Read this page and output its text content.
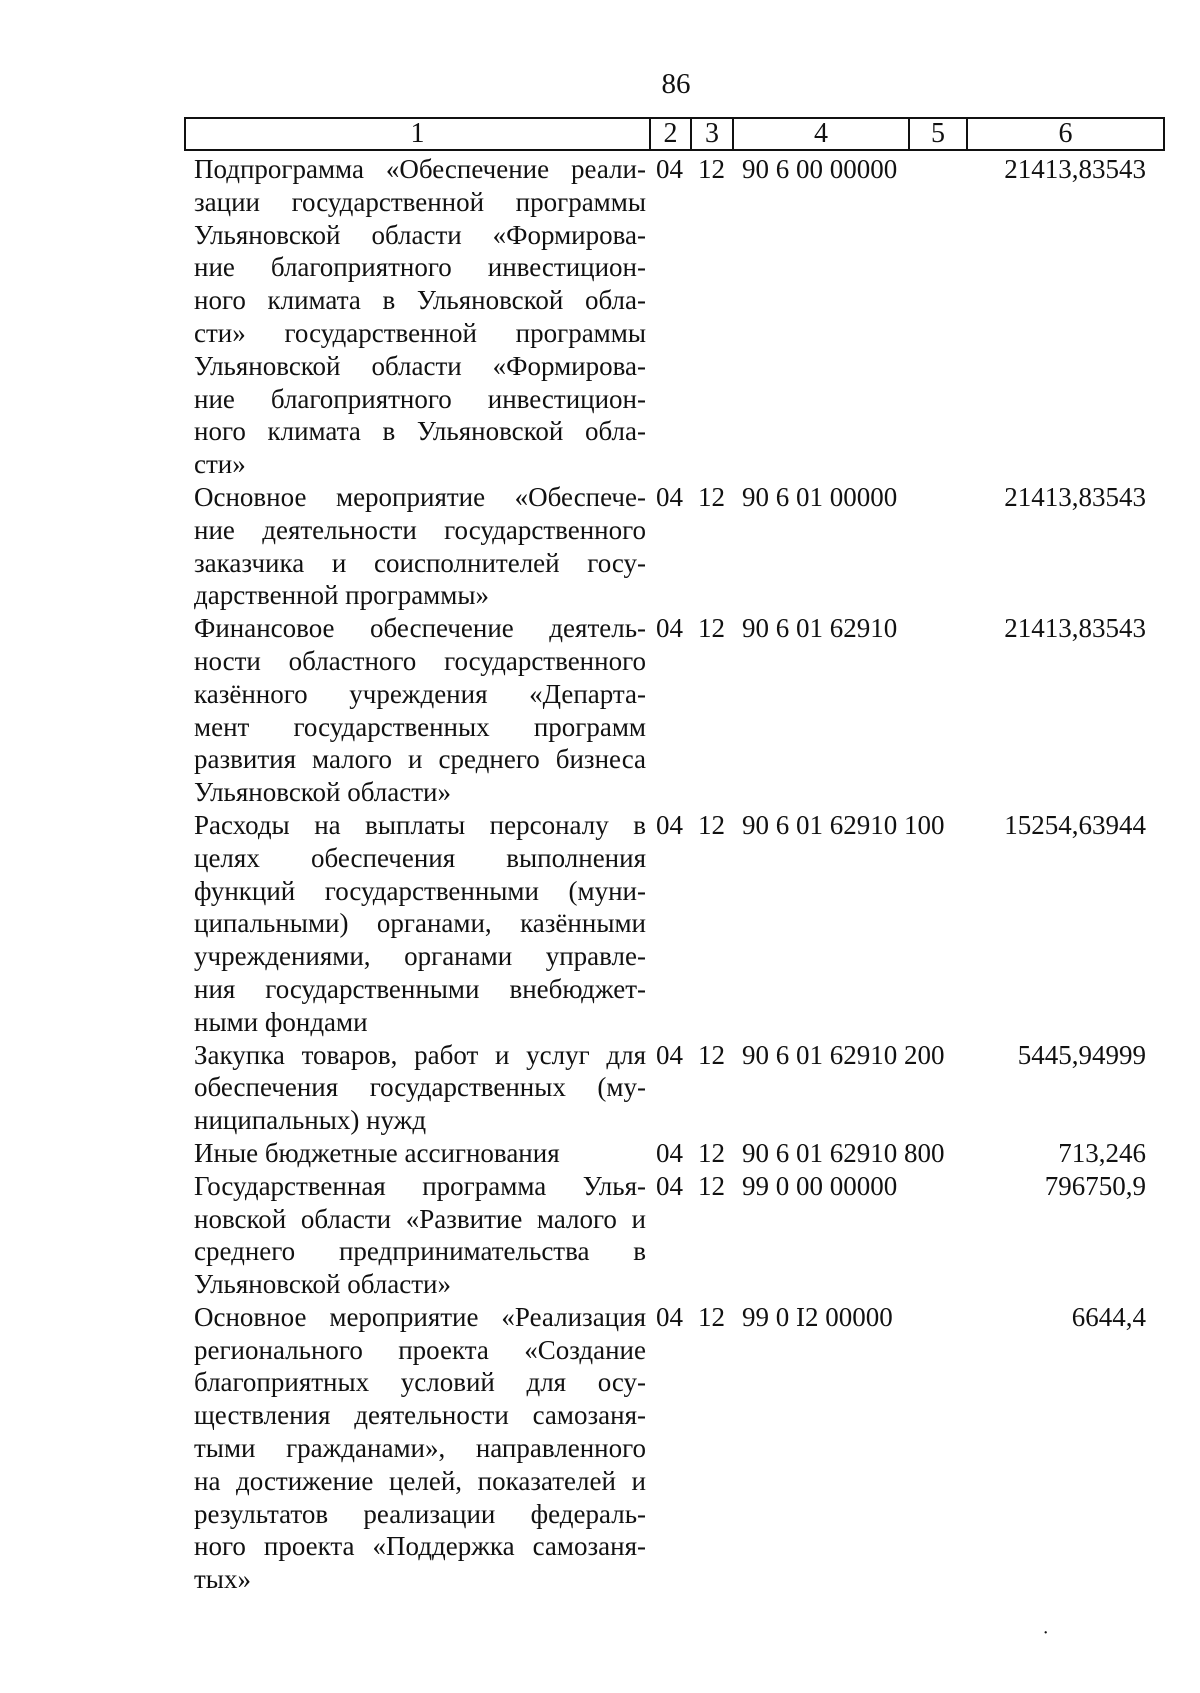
86
1	2 3	4	5	6
Подпрограмма «Обеспечение реали-
зации государственной программы
Ульяновской области «Формирова-
ние благоприятного инвестицион-
ного климата в Ульяновской обла-
сти» государственной программы
Ульяновской области «Формирова-
ние благоприятного инвестицион-
ного климата в Ульяновской обла-
сти»
04 12 90 6 00 00000	21413,83543
Основное мероприятие «Обеспече-
ние деятельности государственного
заказчика и соисполнителей госу-
дарственной программы»
04 12 90 6 01 00000	21413,83543
Финансовое обеспечение деятель-
ности областного государственного
казённого учреждения «Департа-
мент государственных программ
развития малого и среднего бизнеса
Ульяновской области»
04 12 90 6 01 62910	21413,83543
Расходы на выплаты персоналу в
целях обеспечения выполнения
функций государственными (муни-
ципальными) органами, казёнными
учреждениями, органами управле-
ния государственными внебюджет-
ными фондами
04 12 90 6 01 62910 100	15254,63944
Закупка товаров, работ и услуг для
обеспечения государственных (му-
ниципальных) нужд
04 12 90 6 01 62910 200	5445,94999
Иные бюджетные ассигнования	04 12 90 6 01 62910 800	713,246
Государственная программа Улья-
новской области «Развитие малого и
среднего предпринимательства в
Ульяновской области»
04 12 99 0 00 00000	796750,9
Основное мероприятие «Реализация
регионального проекта «Создание
благоприятных условий для осу-
ществления деятельности самозаня-
тыми гражданами», направленного
на достижение целей, показателей и
результатов реализации федераль-
ного проекта «Поддержка самозаня-
тых»
04 12 99 0 I2 00000	6644,4
˙
